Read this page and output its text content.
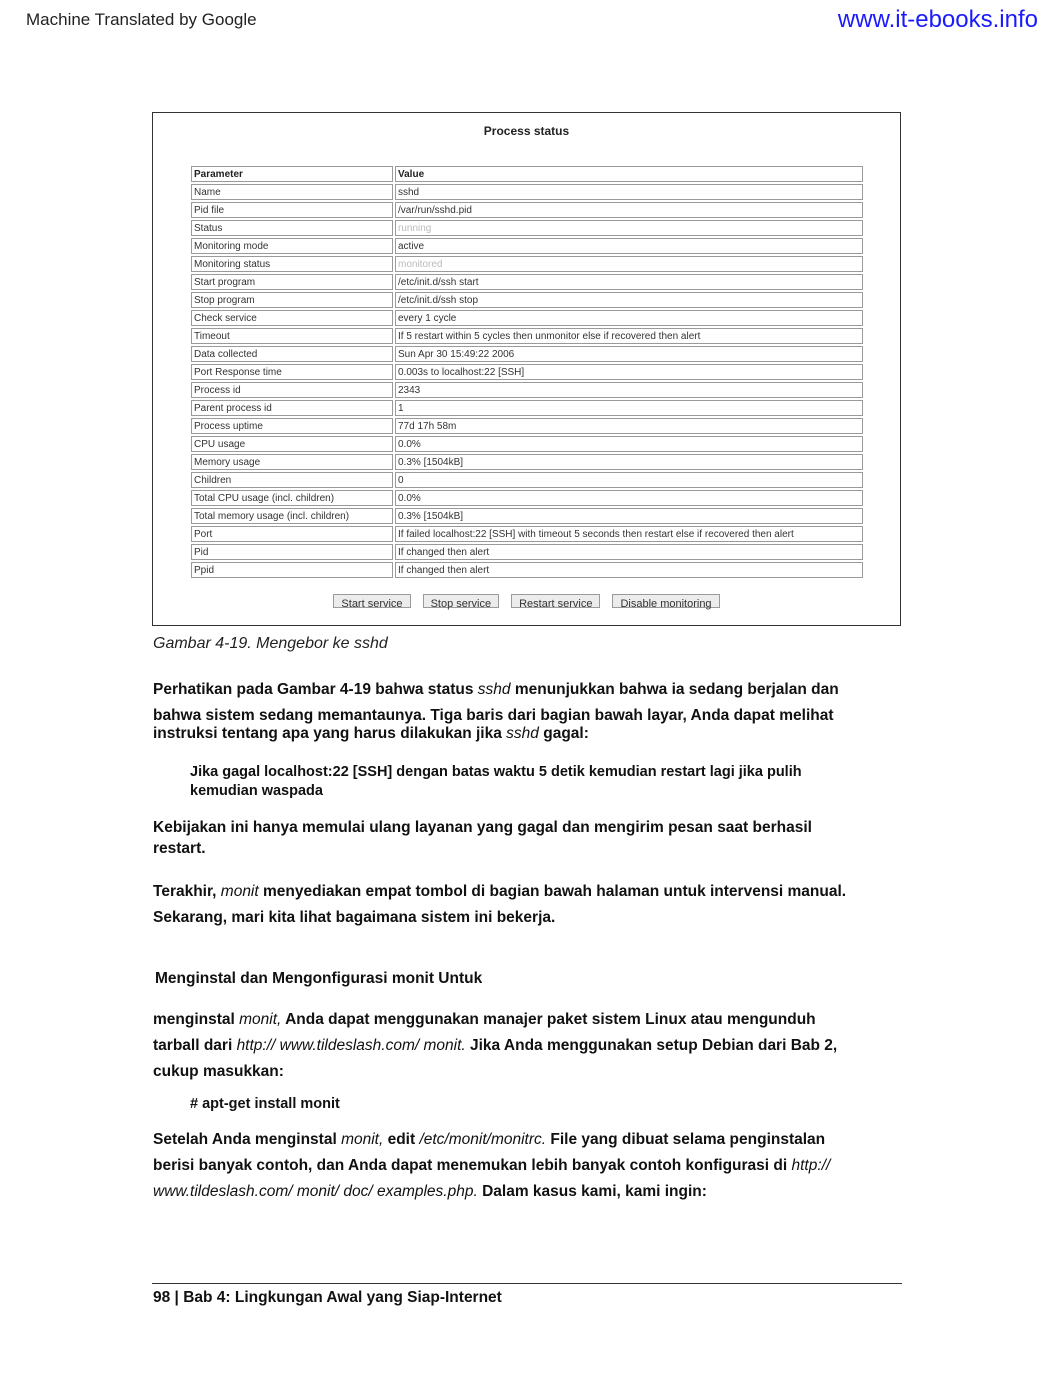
Machine Translated by Google	www.it-ebooks.info
Process status
Parameter	Value
Name	sshd
Pid file	/var/run/sshd.pid
Status	running
Monitoring mode	active
Monitoring status	monitored
Start program	/etc/init.d/ssh start
Stop program	/etc/init.d/ssh stop
Check service	every 1 cycle
Timeout	If 5 restart within 5 cycles then unmonitor else if recovered then alert
Data collected	Sun Apr 30 15:49:22 2006
Port Response time	0.003s to localhost:22 [SSH]
Process id	2343
Parent process id	1
Process uptime	77d 17h 58m
CPU usage	0.0%
Memory usage	0.3% [1504kB]
Children	0
Total CPU usage (incl. children)	0.0%
Total memory usage (incl. children)	0.3% [1504kB]
Port	If failed localhost:22 [SSH] with timeout 5 seconds then restart else if recovered then alert
Pid	If changed then alert
Ppid	If changed then alert
Start service	Stop service	Restart service	Disable monitoring
Gambar 4-19. Mengebor ke sshd
Perhatikan pada Gambar 4-19 bahwa status sshd menunjukkan bahwa ia sedang berjalan dan
bahwa sistem sedang memantaunya. Tiga baris dari bagian bawah layar, Anda dapat melihat
instruksi tentang apa yang harus dilakukan jika sshd gagal:
Jika gagal localhost:22 [SSH] dengan batas waktu 5 detik kemudian restart lagi jika pulih
kemudian waspada
Kebijakan ini hanya memulai ulang layanan yang gagal dan mengirim pesan saat berhasil
restart.
Terakhir, monit menyediakan empat tombol di bagian bawah halaman untuk intervensi manual.
Sekarang, mari kita lihat bagaimana sistem ini bekerja.
Menginstal dan Mengonfigurasi monit Untuk
menginstal monit, Anda dapat menggunakan manajer paket sistem Linux atau mengunduh
tarball dari http:// www.tildeslash.com/ monit. Jika Anda menggunakan setup Debian dari Bab 2,
cukup masukkan:
# apt-get install monit
Setelah Anda menginstal monit, edit /etc/monit/monitrc. File yang dibuat selama penginstalan
berisi banyak contoh, dan Anda dapat menemukan lebih banyak contoh konfigurasi di http://
www.tildeslash.com/ monit/ doc/ examples.php. Dalam kasus kami, kami ingin:
98 | Bab 4: Lingkungan Awal yang Siap-Internet
